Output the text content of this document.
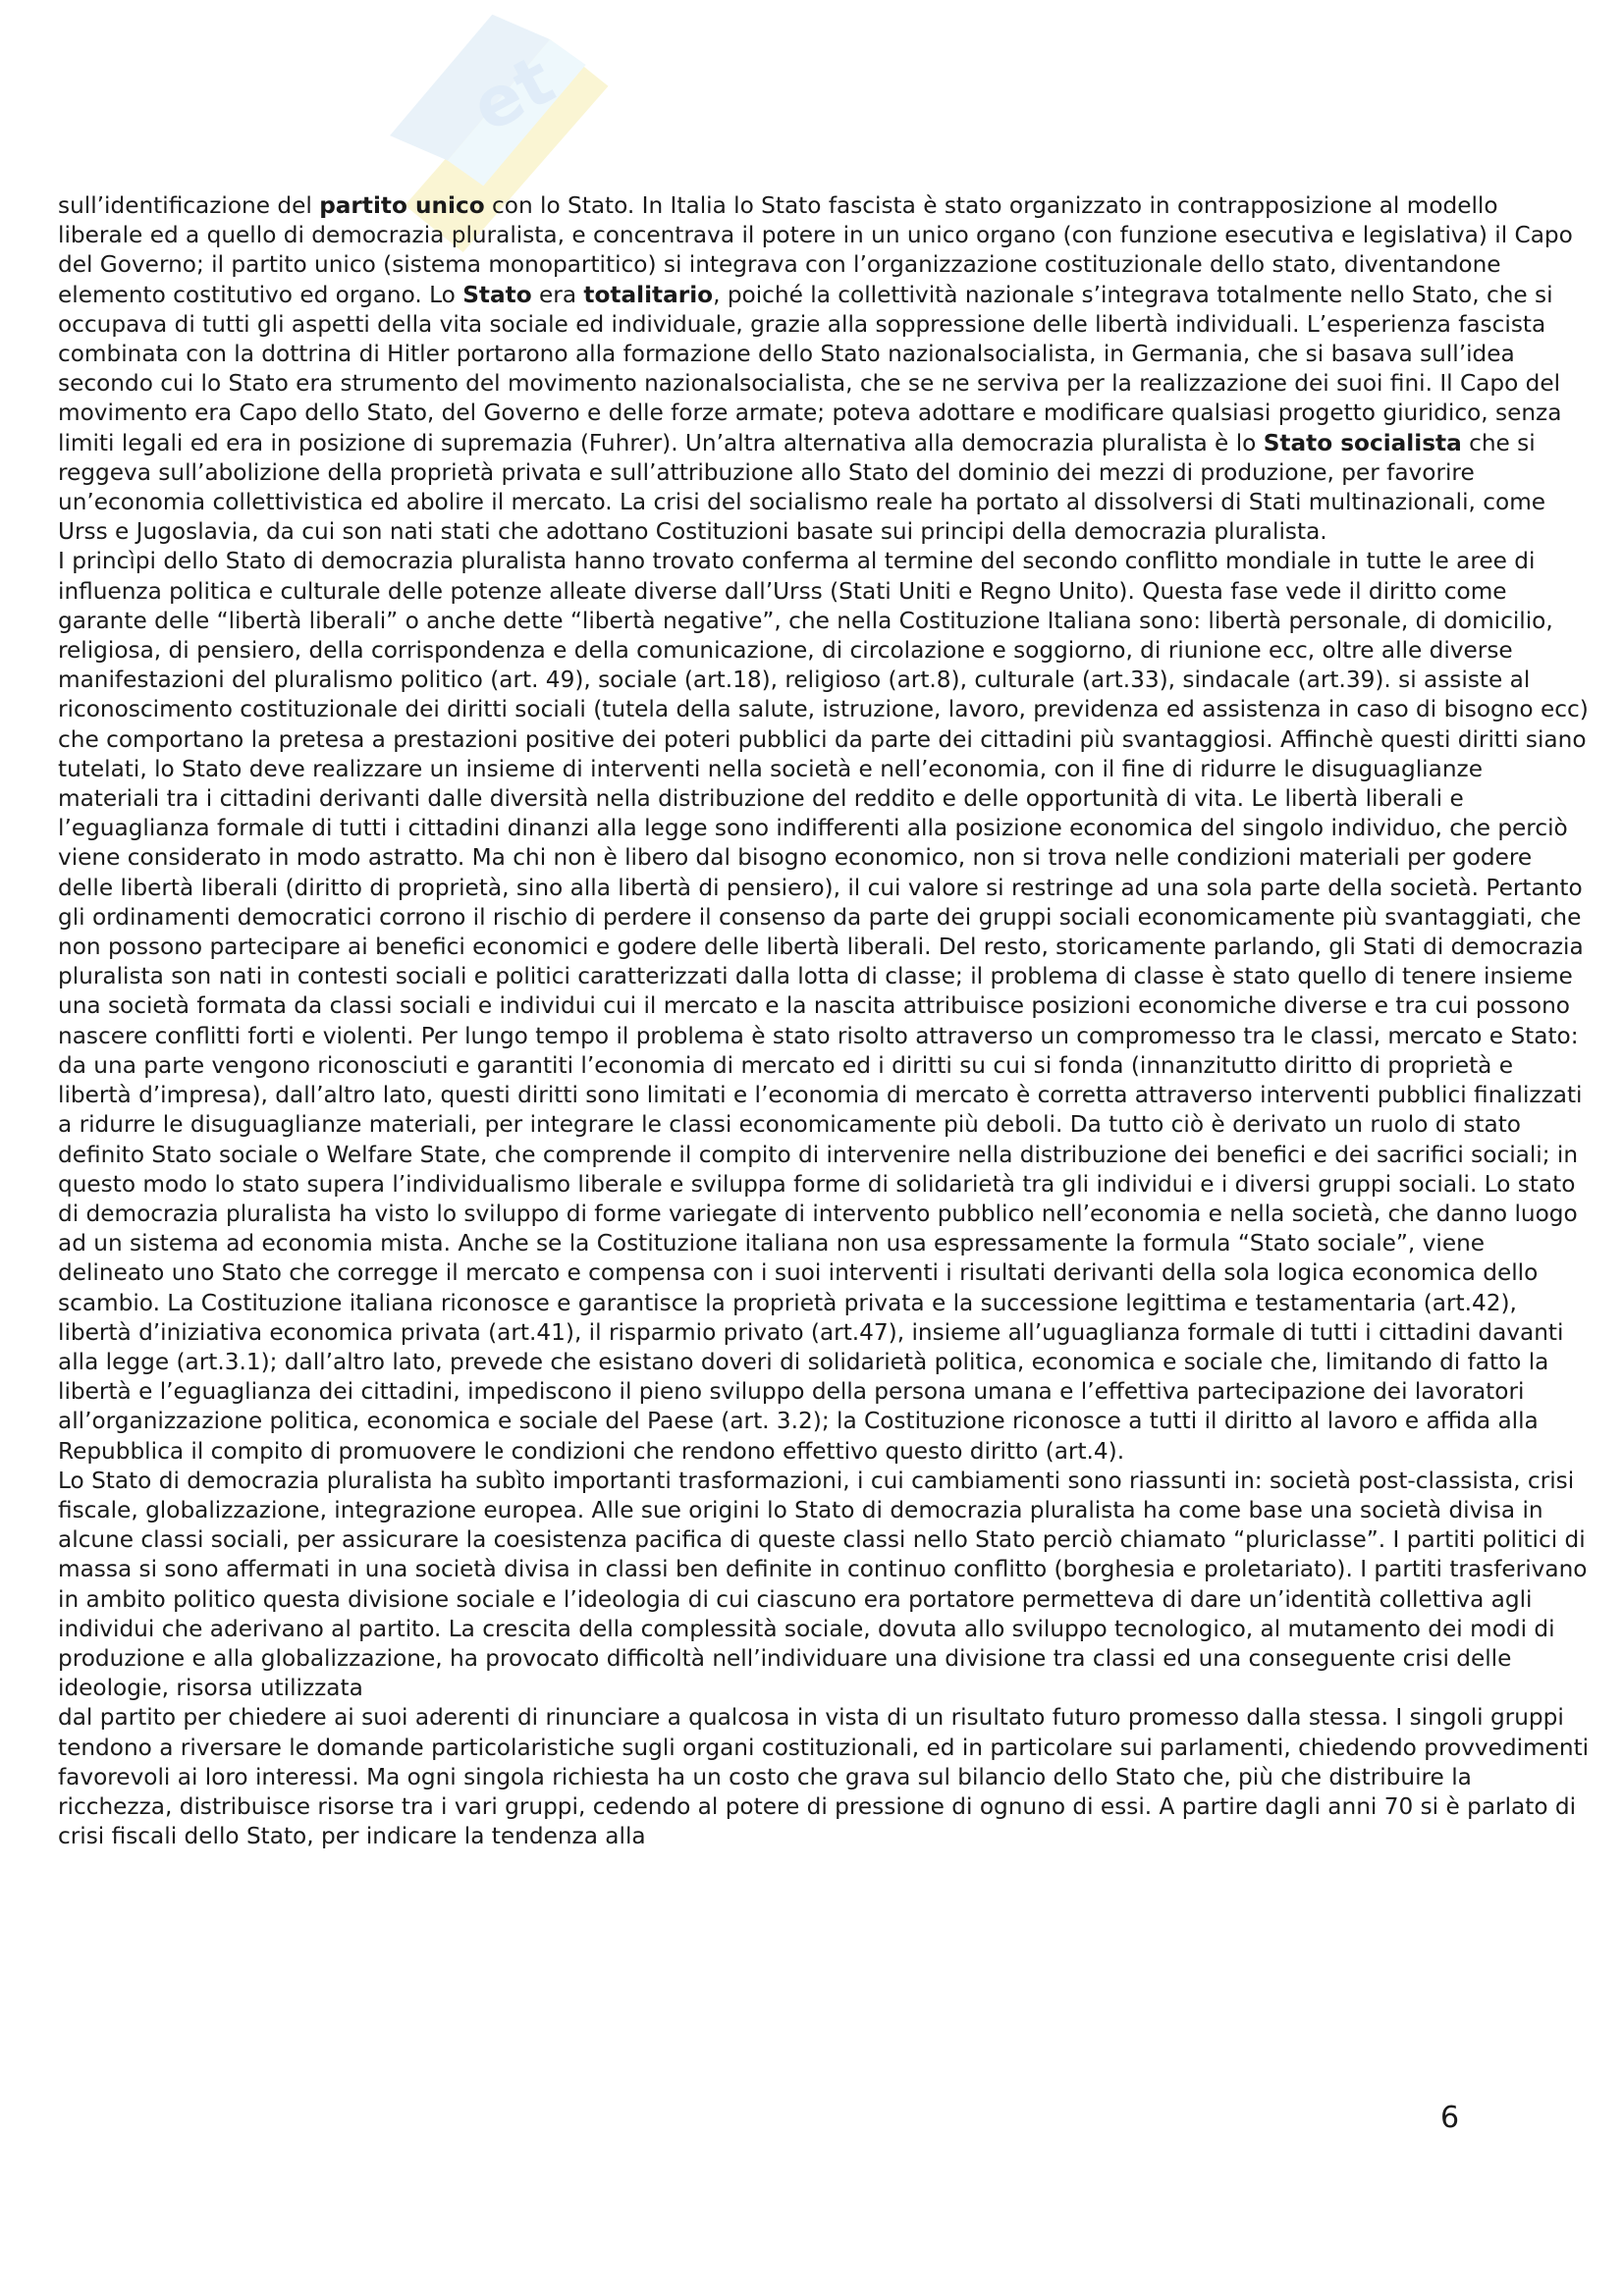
et

sull’identificazione del partito unico con lo Stato. In Italia lo Stato fascista è stato organizzato in contrapposizione al modello liberale ed a quello di democrazia pluralista, e concentrava il potere in un unico organo (con funzione esecutiva e legislativa) il Capo del Governo; il partito unico (sistema monopartitico) si integrava con l’organizzazione costituzionale dello stato, diventandone elemento costitutivo ed organo. Lo Stato era totalitario, poiché la collettività nazionale s’integrava totalmente nello Stato, che si occupava di tutti gli aspetti della vita sociale ed individuale, grazie alla soppressione delle libertà individuali. L’esperienza fascista combinata con la dottrina di Hitler portarono alla formazione dello Stato nazionalsocialista, in Germania, che si basava sull’idea secondo cui lo Stato era strumento del movimento nazionalsocialista, che se ne serviva per la realizzazione dei suoi fini. Il Capo del movimento era Capo dello Stato, del Governo e delle forze armate; poteva adottare e modificare qualsiasi progetto giuridico, senza limiti legali ed era in posizione di supremazia (Fuhrer). Un’altra alternativa alla democrazia pluralista è lo Stato socialista che si reggeva sull’abolizione della proprietà privata e sull’attribuzione allo Stato del dominio dei mezzi di produzione, per favorire un’economia collettivistica ed abolire il mercato. La crisi del socialismo reale ha portato al dissolversi di Stati multinazionali, come Urss e Jugoslavia, da cui son nati stati che adottano Costituzioni basate sui principi della democrazia pluralista.

I princìpi dello Stato di democrazia pluralista hanno trovato conferma al termine del secondo conflitto mondiale in tutte le aree di influenza politica e culturale delle potenze alleate diverse dall’Urss (Stati Uniti e Regno Unito). Questa fase vede il diritto come garante delle “libertà liberali” o anche dette “libertà negative”, che nella Costituzione Italiana sono: libertà personale, di domicilio, religiosa, di pensiero, della corrispondenza e della comunicazione, di circolazione e soggiorno, di riunione ecc, oltre alle diverse manifestazioni del pluralismo politico (art. 49), sociale (art.18), religioso (art.8), culturale (art.33), sindacale (art.39). si assiste al riconoscimento costituzionale dei diritti sociali (tutela della salute, istruzione, lavoro, previdenza ed assistenza in caso di bisogno ecc) che comportano la pretesa a prestazioni positive dei poteri pubblici da parte dei cittadini più svantaggiosi. Affinchè questi diritti siano tutelati, lo Stato deve realizzare un insieme di interventi nella società e nell’economia, con il fine di ridurre le disuguaglianze materiali tra i cittadini derivanti dalle diversità nella distribuzione del reddito e delle opportunità di vita. Le libertà liberali e l’eguaglianza formale di tutti i cittadini dinanzi alla legge sono indifferenti alla posizione economica del singolo individuo, che perciò viene considerato in modo astratto. Ma chi non è libero dal bisogno economico, non si trova nelle condizioni materiali per godere delle libertà liberali (diritto di proprietà, sino alla libertà di pensiero), il cui valore si restringe ad una sola parte della società. Pertanto gli ordinamenti democratici corrono il rischio di perdere il consenso da parte dei gruppi sociali economicamente più svantaggiati, che non possono partecipare ai benefici economici e godere delle libertà liberali. Del resto, storicamente parlando, gli Stati di democrazia pluralista son nati in contesti sociali e politici caratterizzati dalla lotta di classe; il problema di classe è stato quello di tenere insieme una società formata da classi sociali e individui cui il mercato e la nascita attribuisce posizioni economiche diverse e tra cui possono nascere conflitti forti e violenti. Per lungo tempo il problema è stato risolto attraverso un compromesso tra le classi, mercato e Stato: da una parte vengono riconosciuti e garantiti l’economia di mercato ed i diritti su cui si fonda (innanzitutto diritto di proprietà e libertà d’impresa), dall’altro lato, questi diritti sono limitati e l’economia di mercato è corretta attraverso interventi pubblici finalizzati a ridurre le disuguaglianze materiali, per integrare le classi economicamente più deboli. Da tutto ciò è derivato un ruolo di stato definito Stato sociale o Welfare State, che comprende il compito di intervenire nella distribuzione dei benefici e dei sacrifici sociali; in questo modo lo stato supera l’individualismo liberale e sviluppa forme di solidarietà tra gli individui e i diversi gruppi sociali. Lo stato di democrazia pluralista ha visto lo sviluppo di forme variegate di intervento pubblico nell’economia e nella società, che danno luogo ad un sistema ad economia mista. Anche se la Costituzione italiana non usa espressamente la formula “Stato sociale”, viene delineato uno Stato che corregge il mercato e compensa con i suoi interventi i risultati derivanti della sola logica economica dello scambio. La Costituzione italiana riconosce e garantisce la proprietà privata e la successione legittima e testamentaria (art.42), libertà d’iniziativa economica privata (art.41), il risparmio privato (art.47), insieme all’uguaglianza formale di tutti i cittadini davanti alla legge (art.3.1); dall’altro lato, prevede che esistano doveri di solidarietà politica, economica e sociale che, limitando di fatto la libertà e l’eguaglianza dei cittadini, impediscono il pieno sviluppo della persona umana e l’effettiva partecipazione dei lavoratori all’organizzazione politica, economica e sociale del Paese (art. 3.2); la Costituzione riconosce a tutti il diritto al lavoro e affida alla Repubblica il compito di promuovere le condizioni che rendono effettivo questo diritto (art.4).

Lo Stato di democrazia pluralista ha subìto importanti trasformazioni, i cui cambiamenti sono riassunti in: società post-classista, crisi fiscale, globalizzazione, integrazione europea. Alle sue origini lo Stato di democrazia pluralista ha come base una società divisa in alcune classi sociali, per assicurare la coesistenza pacifica di queste classi nello Stato perciò chiamato “pluriclasse”. I partiti politici di massa si sono affermati in una società divisa in classi ben definite in continuo conflitto (borghesia e proletariato). I partiti trasferivano in ambito politico questa divisione sociale e l’ideologia di cui ciascuno era portatore permetteva di dare un’identità collettiva agli individui che aderivano al partito. La crescita della complessità sociale, dovuta allo sviluppo tecnologico, al mutamento dei modi di produzione e alla globalizzazione, ha provocato difficoltà nell’individuare una divisione tra classi ed una conseguente crisi delle ideologie, risorsa utilizzata

dal partito per chiedere ai suoi aderenti di rinunciare a qualcosa in vista di un risultato futuro promesso dalla stessa. I singoli gruppi tendono a riversare le domande particolaristiche sugli organi costituzionali, ed in particolare sui parlamenti, chiedendo provvedimenti favorevoli ai loro interessi. Ma ogni singola richiesta ha un costo che grava sul bilancio dello Stato che, più che distribuire la ricchezza, distribuisce risorse tra i vari gruppi, cedendo al potere di pressione di ognuno di essi. A partire dagli anni 70 si è parlato di crisi fiscali dello Stato, per indicare la tendenza alla

6
